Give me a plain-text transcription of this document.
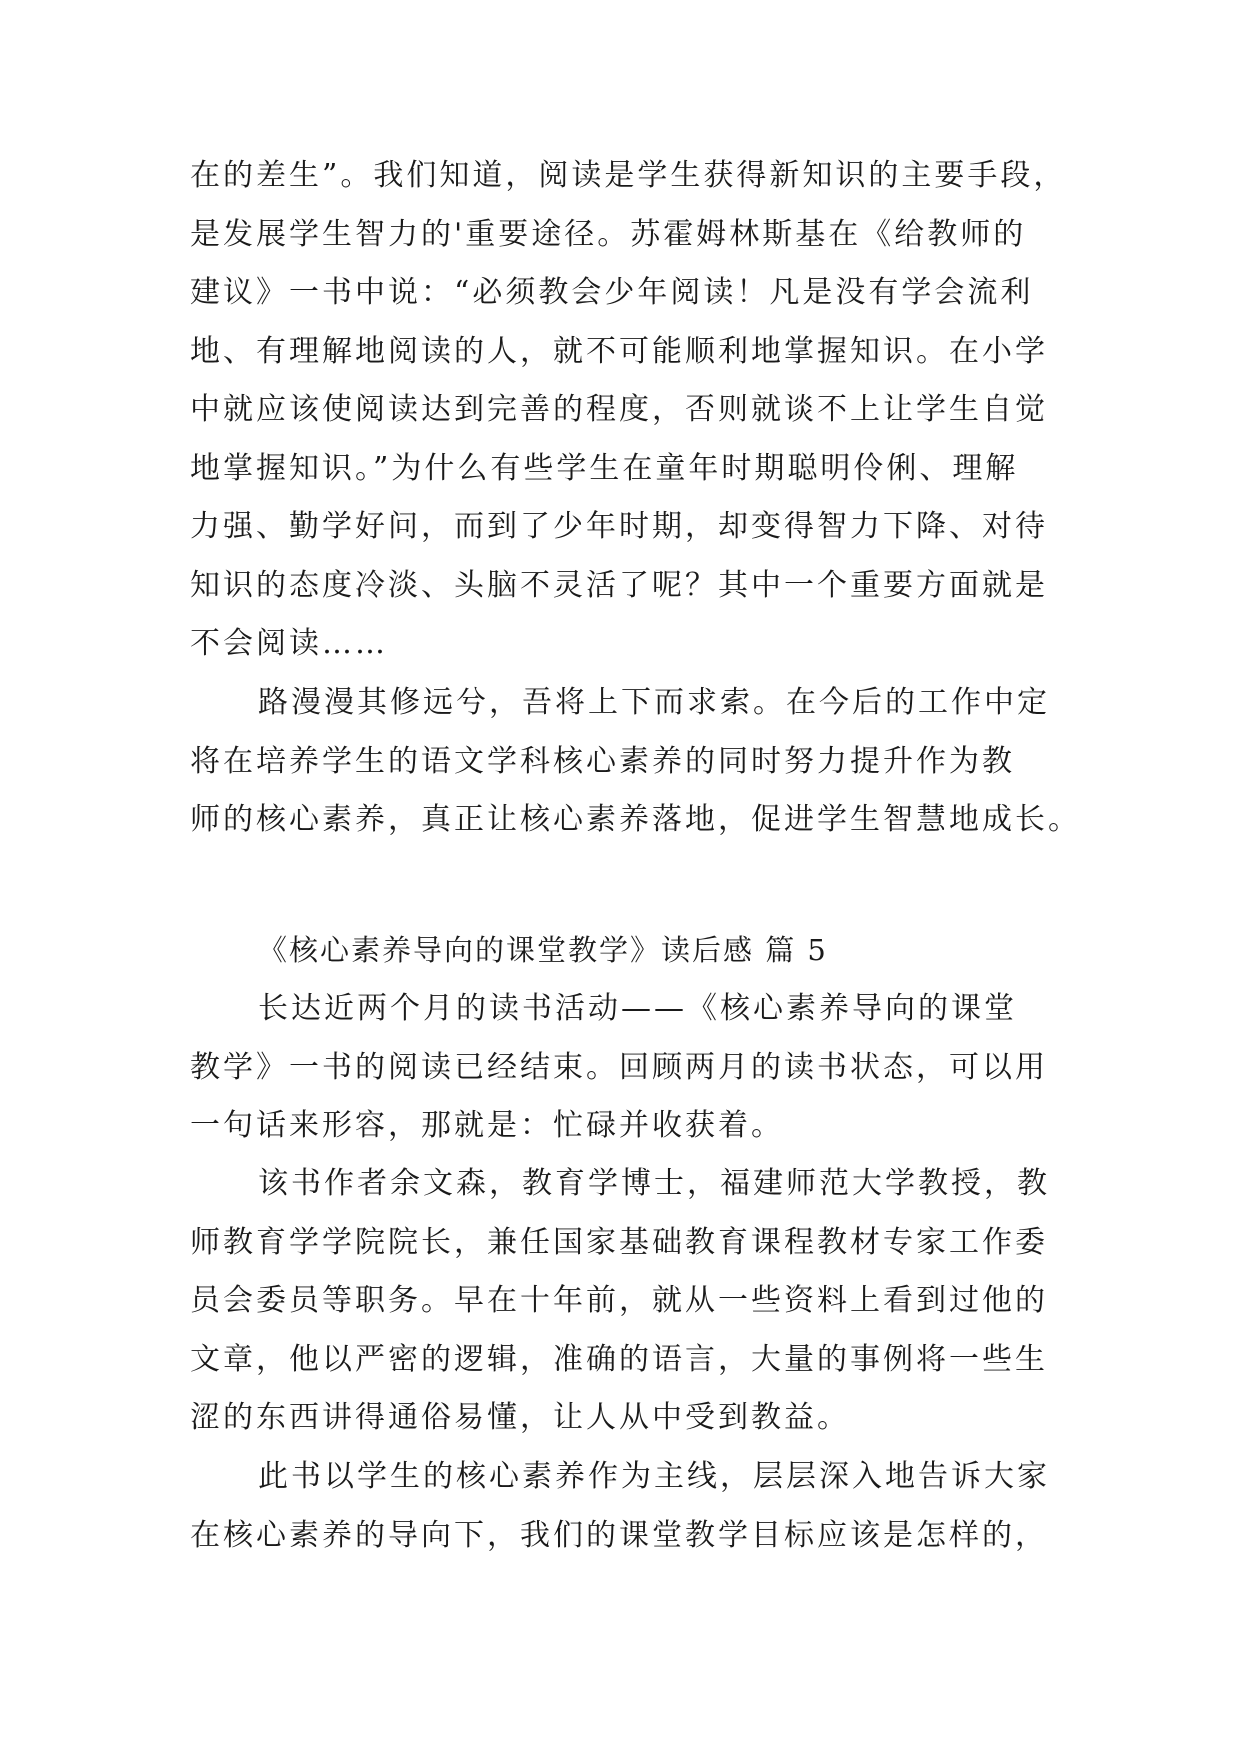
在的差生”。我们知道，阅读是学生获得新知识的主要手段，
是发展学生智力的'重要途径。苏霍姆林斯基在《给教师的
建议》一书中说：“必须教会少年阅读！凡是没有学会流利
地、有理解地阅读的人，就不可能顺利地掌握知识。在小学
中就应该使阅读达到完善的程度，否则就谈不上让学生自觉
地掌握知识。”为什么有些学生在童年时期聪明伶俐、理解
力强、勤学好问，而到了少年时期，却变得智力下降、对待
知识的态度冷淡、头脑不灵活了呢？其中一个重要方面就是
不会阅读……
路漫漫其修远兮，吾将上下而求索。在今后的工作中定
将在培养学生的语文学科核心素养的同时努力提升作为教
师的核心素养，真正让核心素养落地，促进学生智慧地成长。
《核心素养导向的课堂教学》读后感 篇 5
长达近两个月的读书活动——《核心素养导向的课堂
教学》一书的阅读已经结束。回顾两月的读书状态，可以用
一句话来形容，那就是：忙碌并收获着。
该书作者余文森，教育学博士，福建师范大学教授，教
师教育学学院院长，兼任国家基础教育课程教材专家工作委
员会委员等职务。早在十年前，就从一些资料上看到过他的
文章，他以严密的逻辑，准确的语言，大量的事例将一些生
涩的东西讲得通俗易懂，让人从中受到教益。
此书以学生的核心素养作为主线，层层深入地告诉大家
在核心素养的导向下，我们的课堂教学目标应该是怎样的，
